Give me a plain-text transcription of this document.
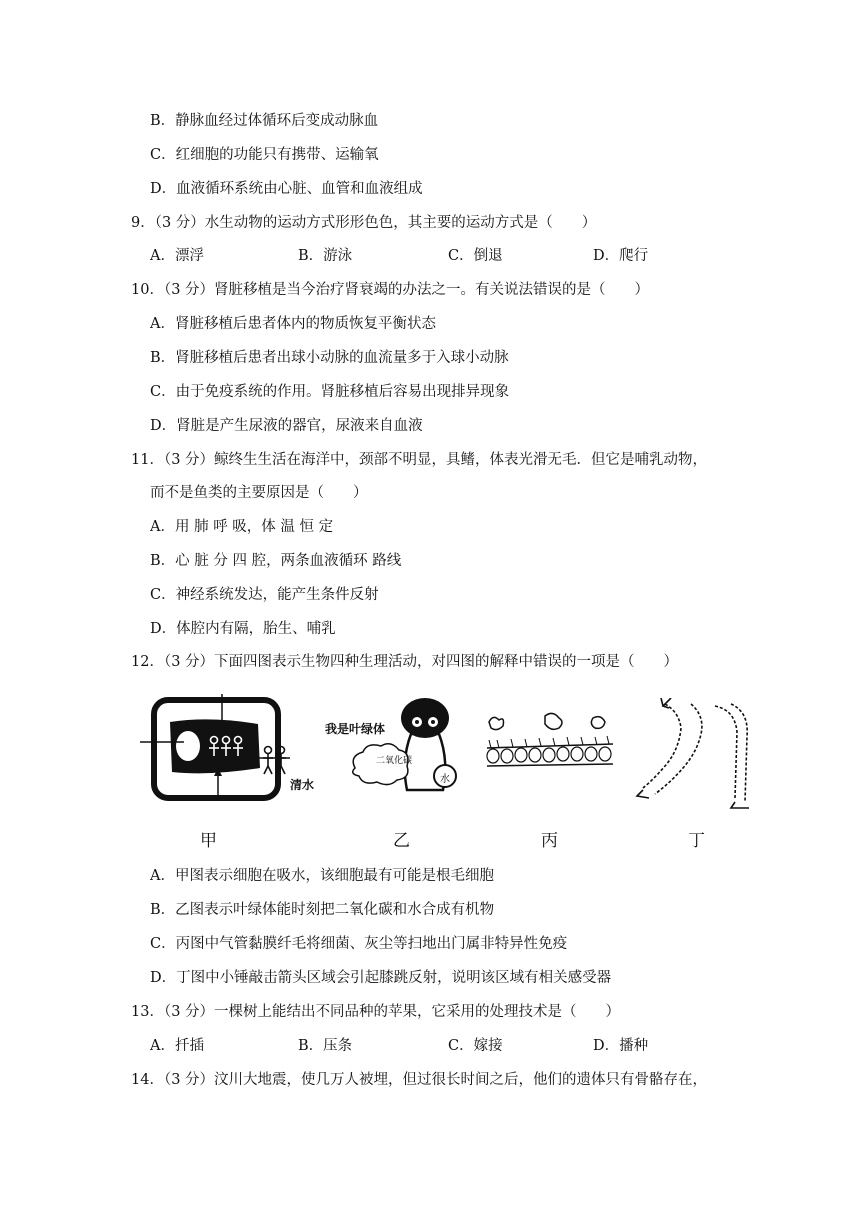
B．静脉血经过体循环后变成动脉血
C．红细胞的功能只有携带、运输氧
D．血液循环系统由心脏、血管和血液组成
9．（3 分）水生动物的运动方式形形色色，其主要的运动方式是（　　）
A．漂浮	B．游泳	C．倒退	D．爬行
10．（3 分）肾脏移植是当今治疗肾衰竭的办法之一。有关说法错误的是（　　）
A．肾脏移植后患者体内的物质恢复平衡状态
B．肾脏移植后患者出球小动脉的血流量多于入球小动脉
C．由于免疫系统的作用。肾脏移植后容易出现排异现象
D．肾脏是产生尿液的器官，尿液来自血液
11．（3 分）鲸终生生活在海洋中，颈部不明显，具鳍，体表光滑无毛．但它是哺乳动物，
而不是鱼类的主要原因是（　　）
A．用 肺 呼 吸，体 温 恒 定
B．心 脏 分 四 腔，两条血液循环 路线
C．神经系统发达，能产生条件反射
D．体腔内有隔，胎生、哺乳
12．（3 分）下面四图表示生物四种生理活动，对四图的解释中错误的一项是（　　）
清水
我是叶绿体
二氧化碳
水
甲	乙	丙	丁
A．甲图表示细胞在吸水，该细胞最有可能是根毛细胞
B．乙图表示叶绿体能时刻把二氧化碳和水合成有机物
C．丙图中气管黏膜纤毛将细菌、灰尘等扫地出门属非特异性免疫
D．丁图中小锤敲击箭头区域会引起膝跳反射，说明该区域有相关感受器
13．（3 分）一棵树上能结出不同品种的苹果，它采用的处理技术是（　　）
A．扦插	B．压条	C．嫁接	D．播种
14．（3 分）汶川大地震，使几万人被埋，但过很长时间之后，他们的遗体只有骨骼存在，
